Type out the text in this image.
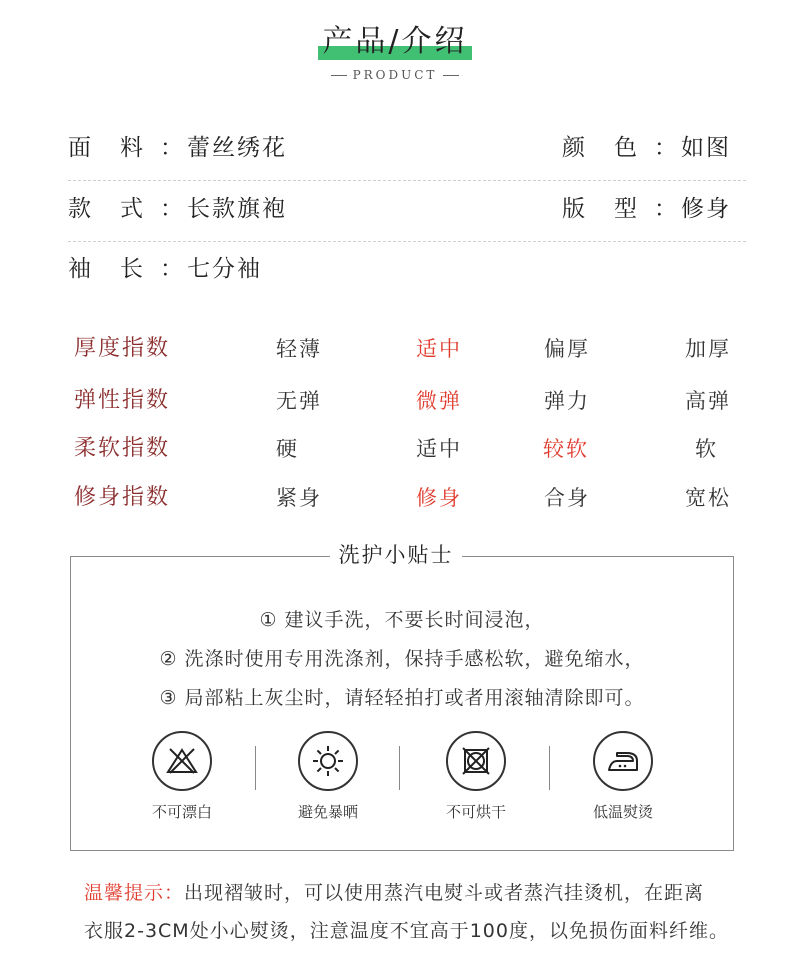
产品/介绍
PRODUCT
面 料 ：蕾丝绣花	颜 色 ：如图
款 式 ：长款旗袍	版 型 ：修身
袖 长 ：七分袖
厚度指数	轻薄	适中	偏厚	加厚
弹性指数	无弹	微弹	弹力	高弹
柔软指数	硬	适中	较软	软
修身指数	紧身	修身	合身	宽松
洗护小贴士
① 建议手洗，不要长时间浸泡，
② 洗涤时使用专用洗涤剂，保持手感松软，避免缩水，
③ 局部粘上灰尘时，请轻轻拍打或者用滚轴清除即可。
不可漂白	避免暴晒	不可烘干	低温熨烫
温馨提示：出现褶皱时，可以使用蒸汽电熨斗或者蒸汽挂烫机，在距离
衣服2-3CM处小心熨烫，注意温度不宜高于100度，以免损伤面料纤维。
